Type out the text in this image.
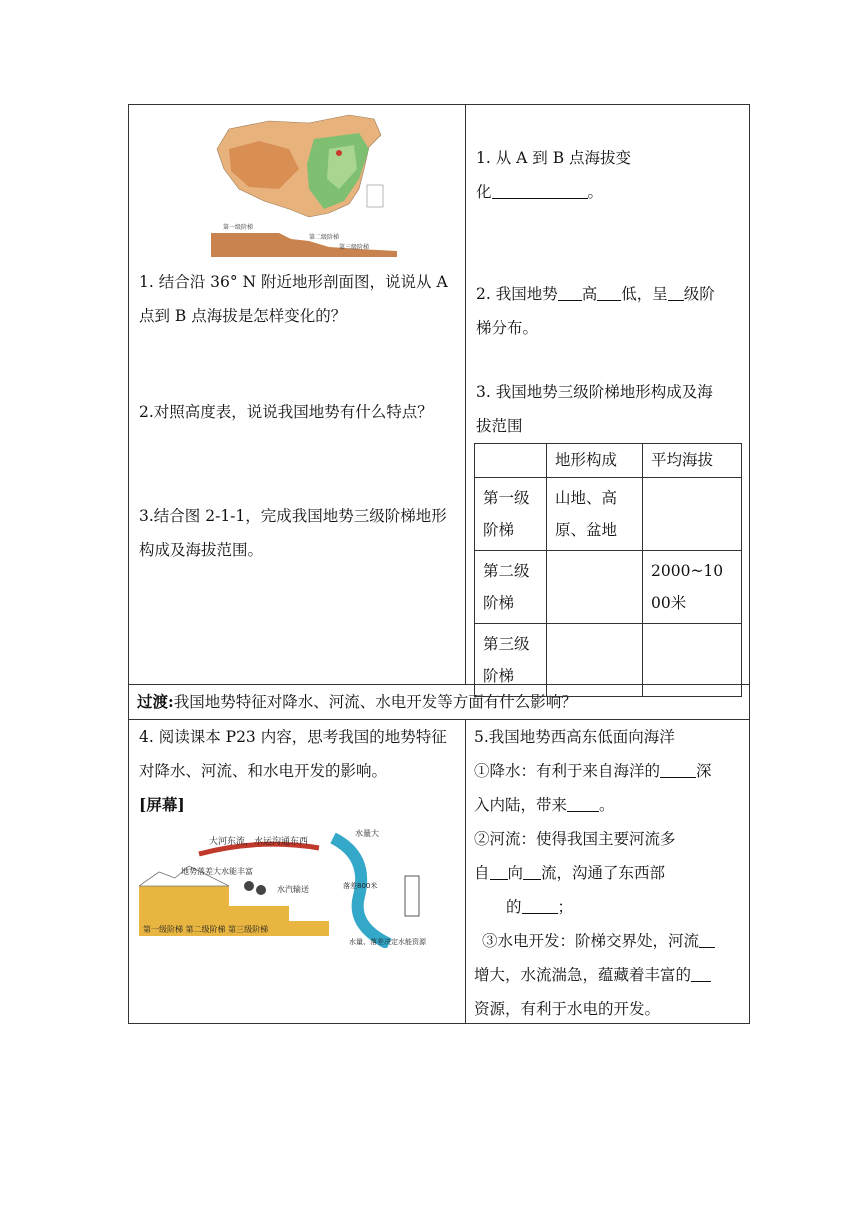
第一级阶梯
第二级阶梯
第三级阶梯

1. 结合沿 36° N 附近地形剖面图，说说从 A 点到 B 点海拔是怎样变化的？

2.对照高度表，说说我国地势有什么特点？

3.结合图 2-1-1，完成我国地势三级阶梯地形构成及海拔范围。

1. 从 A 到 B 点海拔变
化	。

2. 我国地势 高 低，呈 级阶
梯分布。

3. 我国地势三级阶梯地形构成及海
拔范围

	地形构成	平均海拔
第一级阶梯	山地、高原、盆地	
第二级阶梯		2000~1000米
第三级阶梯		

过渡:我国地势特征对降水、河流、水电开发等方面有什么影响？

4. 阅读课本 P23 内容，思考我国的地势特征对降水、河流、和水电开发的影响。

[屏幕]

大河东流，水运沟通东西
水量大
落差800米
地势落差大水能丰富
水汽输送
第一级阶梯 第二级阶梯 第三级阶梯
水量、落差决定水能资源

5.我国地势西高东低面向海洋
①降水：有利于来自海洋的 深
入内陆，带来 。
②河流：使得我国主要河流多
自 向 流，沟通了东西部
的 ；
③水电开发：阶梯交界处，河流
增大，水流湍急，蕴藏着丰富的
资源，有利于水电的开发。
